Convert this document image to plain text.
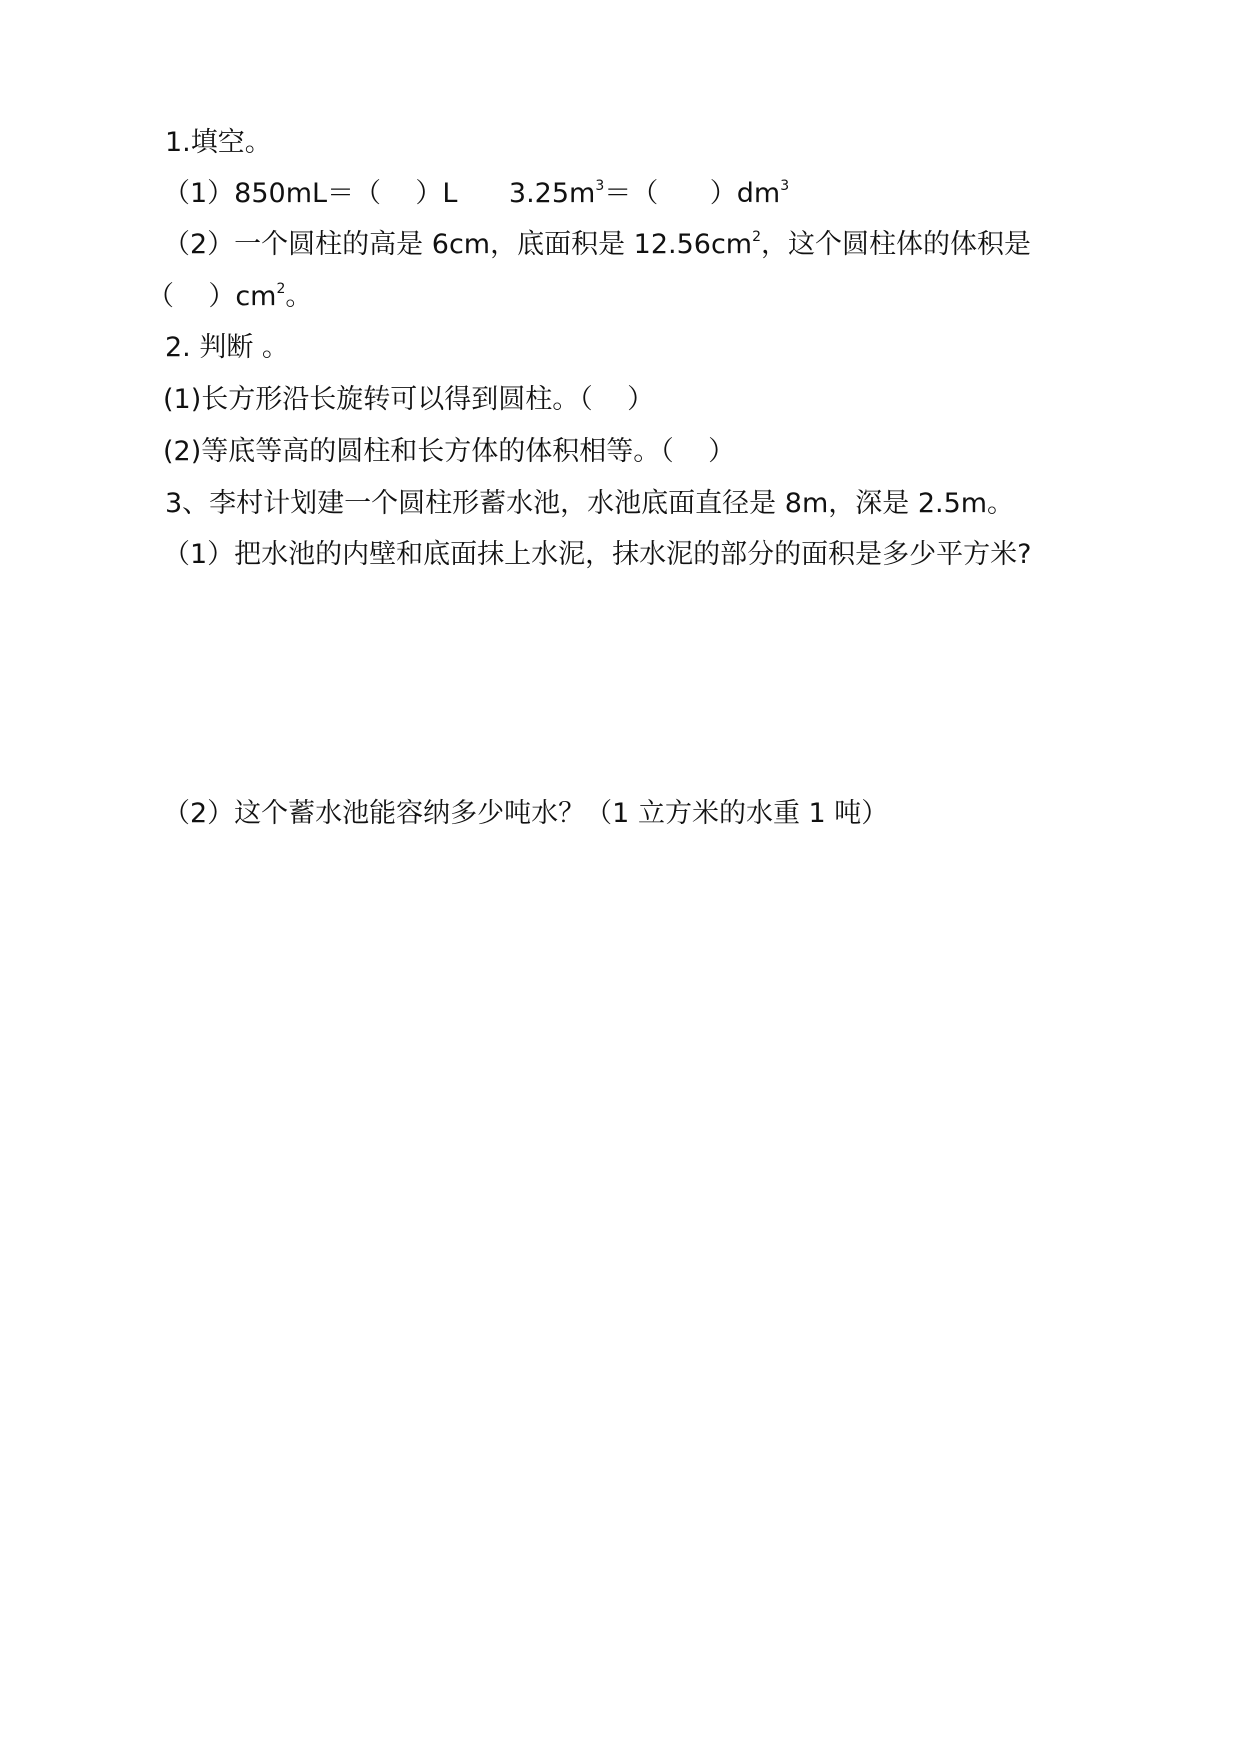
1.填空。
（1）850mL＝（    ）L      $3.25m^3=$（      ）$dm^3$
（2）一个圆柱的高是 6cm，底面积是 $12.56cm^2$，这个圆柱体的体积是
（    ）$cm^2$。
2. 判断 。
(1)长方形沿长旋转可以得到圆柱。（    ）
(2)等底等高的圆柱和长方体的体积相等。（    ）
3、李村计划建一个圆柱形蓄水池，水池底面直径是 8m，深是 2.5m。
（1）把水池的内壁和底面抹上水泥，抹水泥的部分的面积是多少平方米?
（2）这个蓄水池能容纳多少吨水？（1 立方米的水重 1 吨）
